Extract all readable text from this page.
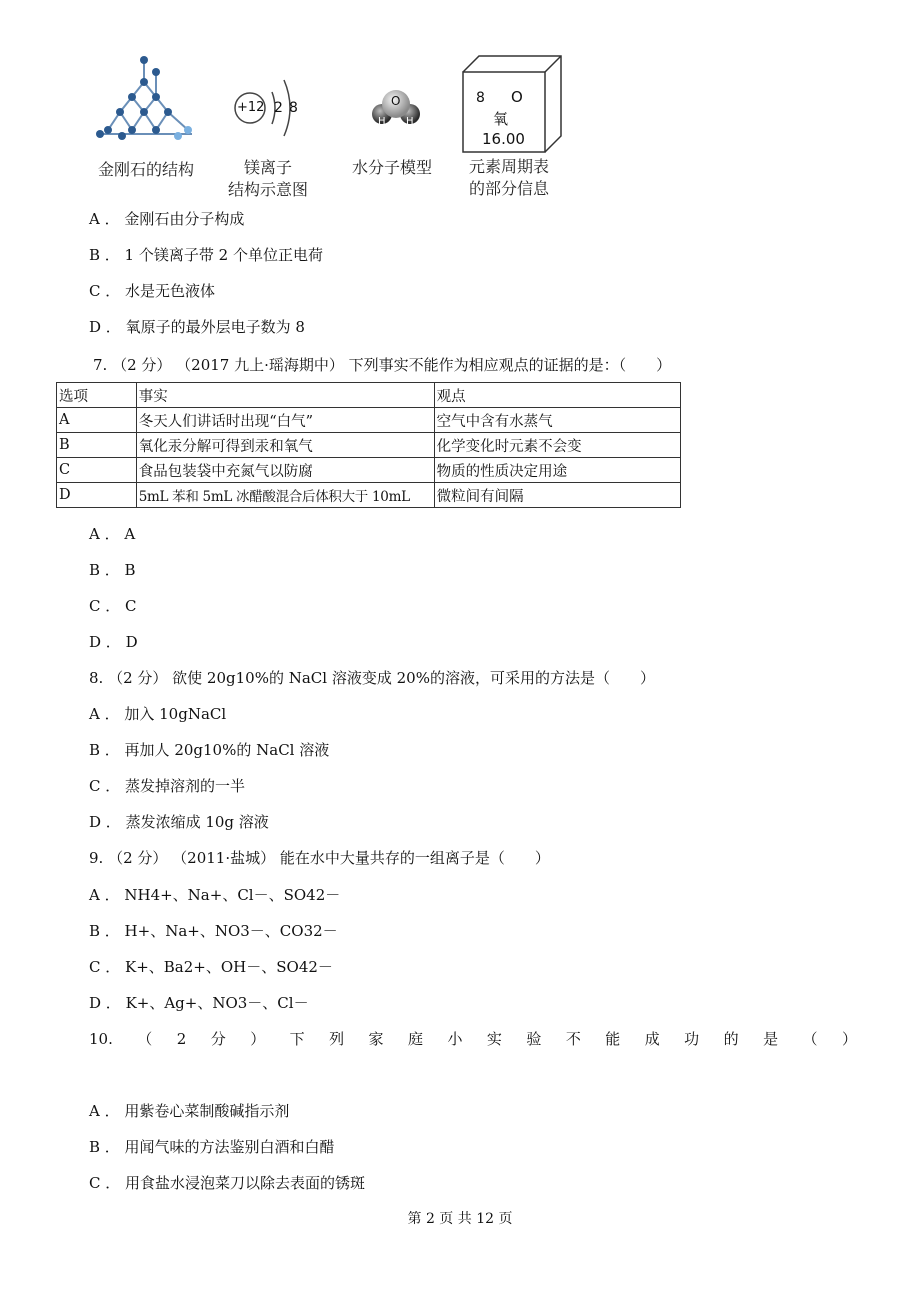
金刚石的结构
+12 2 8
镁离子
结构示意图
O
H H
水分子模型
8 O
氧
16.00
元素周期表
的部分信息
A ． 金刚石由分子构成
B ． 1 个镁离子带 2 个单位正电荷
C ． 水是无色液体
D ． 氧原子的最外层电子数为 8
7. （2 分） （2017 九上·瑶海期中） 下列事实不能作为相应观点的证据的是：（　　）
选项	事实	观点
A	冬天人们讲话时出现“白气”	空气中含有水蒸气
B	氧化汞分解可得到汞和氧气	化学变化时元素不会变
C	食品包装袋中充氮气以防腐	物质的性质决定用途
D	5mL 苯和 5mL 冰醋酸混合后体积大于 10mL	微粒间有间隔
A ． A
B ． B
C ． C
D ． D
8. （2 分） 欲使 20g10%的 NaCl 溶液变成 20%的溶液，可采用的方法是（　　）
A ． 加入 10gNaCl
B ． 再加人 20g10%的 NaCl 溶液
C ． 蒸发掉溶剂的一半
D ． 蒸发浓缩成 10g 溶液
9. （2 分） （2011·盐城） 能在水中大量共存的一组离子是（　　）
A ． NH4+、Na+、Cl－、SO42－
B ． H+、Na+、NO3－、CO32－
C ． K+、Ba2+、OH－、SO42－
D ． K+、Ag+、NO3－、Cl－
10. （ 2 分 ） 下 列 家 庭 小 实 验 不 能 成 功 的 是 （ ）
A ． 用紫卷心菜制酸碱指示剂
B ． 用闻气味的方法鉴别白酒和白醋
C ． 用食盐水浸泡菜刀以除去表面的锈斑
第 2 页 共 12 页
